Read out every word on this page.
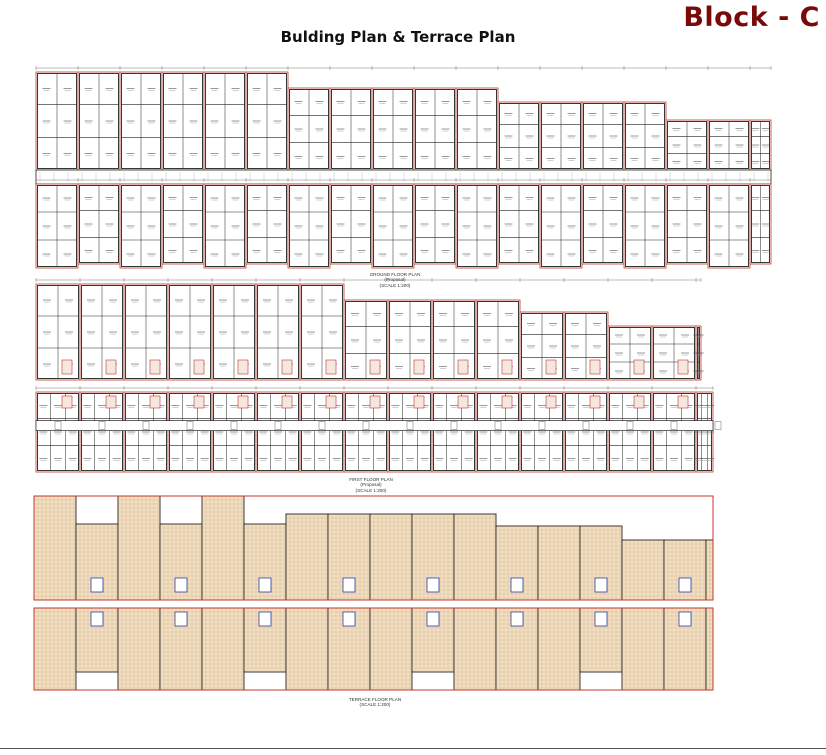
Block - C
Bulding Plan & Terrace Plan
GROUND FLOOR PLAN
(Proposal)
(SCALE 1:200)
FIRST FLOOR PLAN
(Proposal)
(SCALE 1:200)
TERRACE FLOOR PLAN
(SCALE 1:200)
